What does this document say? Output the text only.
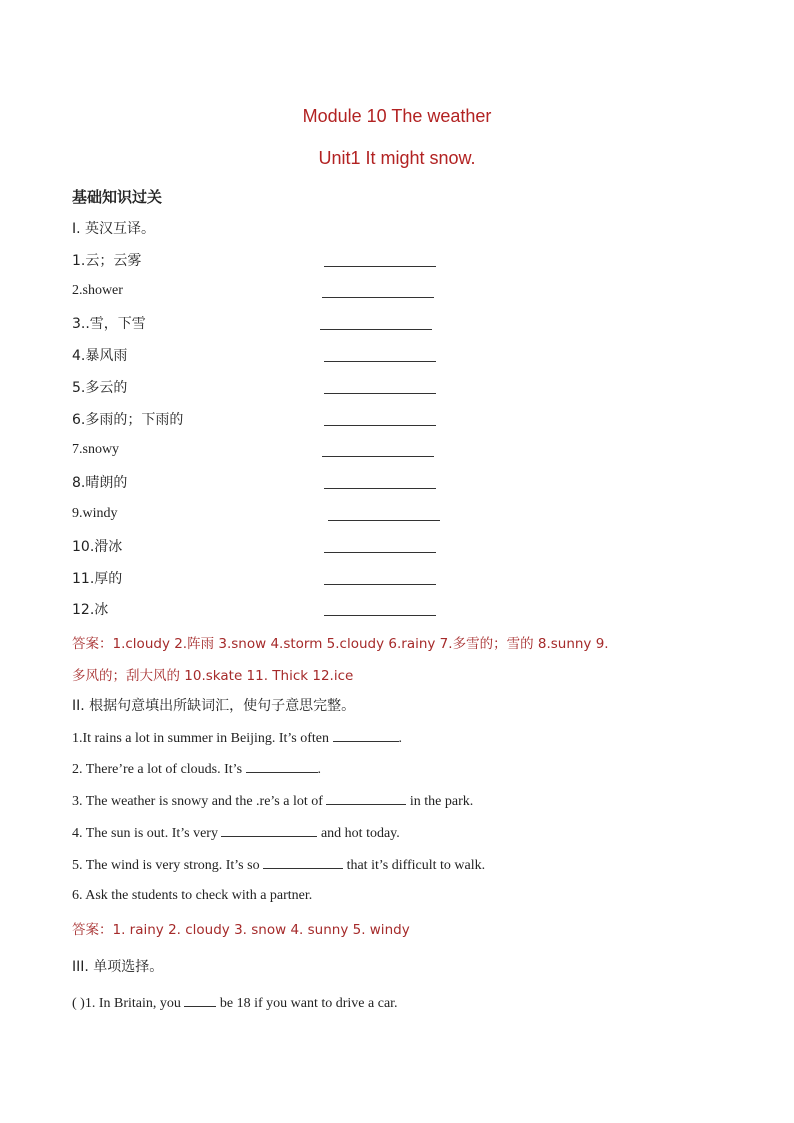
Module 10 The weather
Unit1 It might snow.
基础知识过关
I. 英汉互译。
1.云；云雾
2.shower
3..雪，下雪
4.暴风雨
5.多云的
6.多雨的；下雨的
7.snowy
8.晴朗的
9.windy
10.滑冰
11.厚的
12.冰
答案：1.cloudy 2.阵雨 3.snow 4.storm 5.cloudy 6.rainy 7.多雪的；雪的 8.sunny 9.
多风的；刮大风的 10.skate 11. Thick 12.ice
II. 根据句意填出所缺词汇，使句子意思完整。
1.It rains a lot in summer in Beijing. It’s often	.
2. There’re a lot of clouds. It’s	.
3. The weather is snowy and the .re’s a lot of	in the park.
4. The sun is out. It’s very	and hot today.
5. The wind is very strong. It’s so	that it’s difficult to walk.
6. Ask the students to check with a partner.
答案：1. rainy 2. cloudy 3. snow 4. sunny 5. windy
III. 单项选择。
( )1. In Britain, you  be 18 if you want to drive a car.
